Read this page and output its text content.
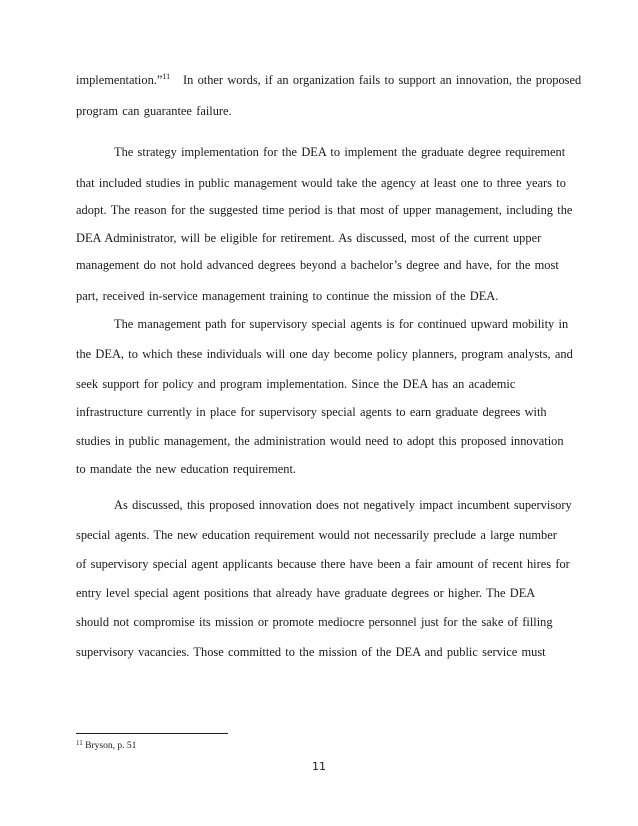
implementation.”$^{11}$ In other words, if an organization fails to support an innovation, the proposed
program can guarantee failure.
The strategy implementation for the DEA to implement the graduate degree requirement
that included studies in public management would take the agency at least one to three years to
adopt. The reason for the suggested time period is that most of upper management, including the
DEA Administrator, will be eligible for retirement. As discussed, most of the current upper
management do not hold advanced degrees beyond a bachelor’s degree and have, for the most
part, received in-service management training to continue the mission of the DEA.
The management path for supervisory special agents is for continued upward mobility in
the DEA, to which these individuals will one day become policy planners, program analysts, and
seek support for policy and program implementation. Since the DEA has an academic
infrastructure currently in place for supervisory special agents to earn graduate degrees with
studies in public management, the administration would need to adopt this proposed innovation
to mandate the new education requirement.
As discussed, this proposed innovation does not negatively impact incumbent supervisory
special agents. The new education requirement would not necessarily preclude a large number
of supervisory special agent applicants because there have been a fair amount of recent hires for
entry level special agent positions that already have graduate degrees or higher. The DEA
should not compromise its mission or promote mediocre personnel just for the sake of filling
supervisory vacancies. Those committed to the mission of the DEA and public service must
$^{11}$ Bryson, p. 51
11
